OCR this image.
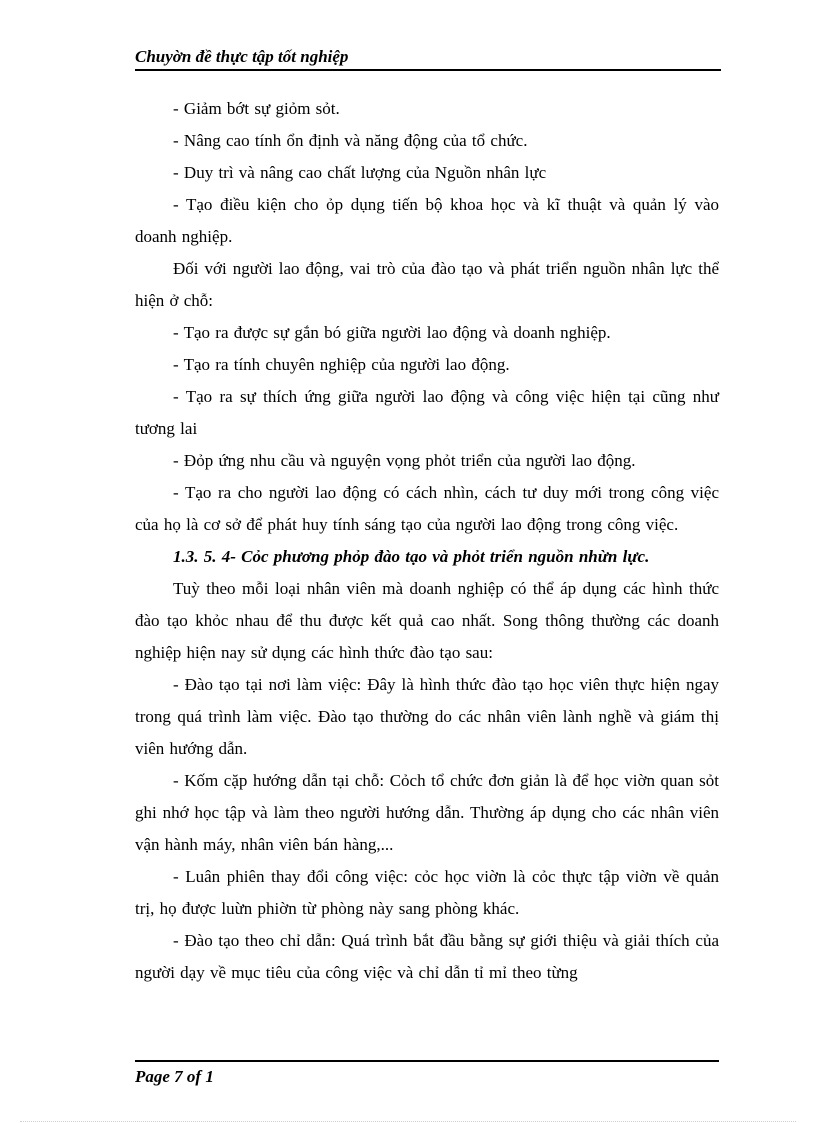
Chuyờn đề thực tập tốt nghiệp

- Giảm bớt sự giỏm sỏt.

- Nâng cao tính ổn định và năng động của tổ chức.

- Duy trì và nâng cao chất lượng của Nguồn nhân lực

- Tạo điều kiện cho ỏp dụng tiến bộ khoa học và kĩ thuật và quản lý vào doanh nghiệp.

Đối với người lao động, vai trò của đào tạo và phát triển nguồn nhân lực thể hiện ở chỗ:

- Tạo ra được sự gắn bó giữa người lao động và doanh nghiệp.

- Tạo ra tính chuyên nghiệp của người lao động.

- Tạo ra sự thích ứng giữa người lao động và công việc hiện tại cũng như tương lai

- Đỏp ứng nhu cầu và nguyện vọng phỏt triển của người lao động.

- Tạo ra cho người lao động có cách nhìn, cách tư duy mới trong công việc của họ là cơ sở để phát huy tính sáng tạo của người lao động trong công việc.

1.3. 5. 4- Cỏc phương phỏp đào tạo và phỏt triển nguồn nhừn lực.

Tuỳ theo mỗi loại nhân viên mà doanh nghiệp có thể áp dụng các hình thức đào tạo khỏc nhau để thu được kết quả cao nhất. Song thông thường các doanh nghiệp hiện nay sử dụng các hình thức đào tạo sau:

- Đào tạo tại nơi làm việc: Đây là hình thức đào tạo học viên thực hiện ngay trong quá trình làm việc. Đào tạo thường do các nhân viên lành nghề và giám thị viên hướng dẫn.

- Kốm cặp hướng dẫn tại chỗ: Cỏch tổ chức đơn giản là để học viờn quan sỏt ghi nhớ học tập và làm theo người hướng dẫn. Thường áp dụng cho các nhân viên vận hành máy, nhân viên bán hàng,...

- Luân phiên thay đổi công việc: cỏc học viờn là cỏc thực tập viờn về quản trị, họ được luừn phiờn từ phòng này sang phòng khác.

- Đào tạo theo chỉ dẫn: Quá trình bắt đầu bằng sự giới thiệu và giải thích của người dạy về mục tiêu của công việc và chỉ dẫn tỉ mỉ theo từng

Page 7 of 1
